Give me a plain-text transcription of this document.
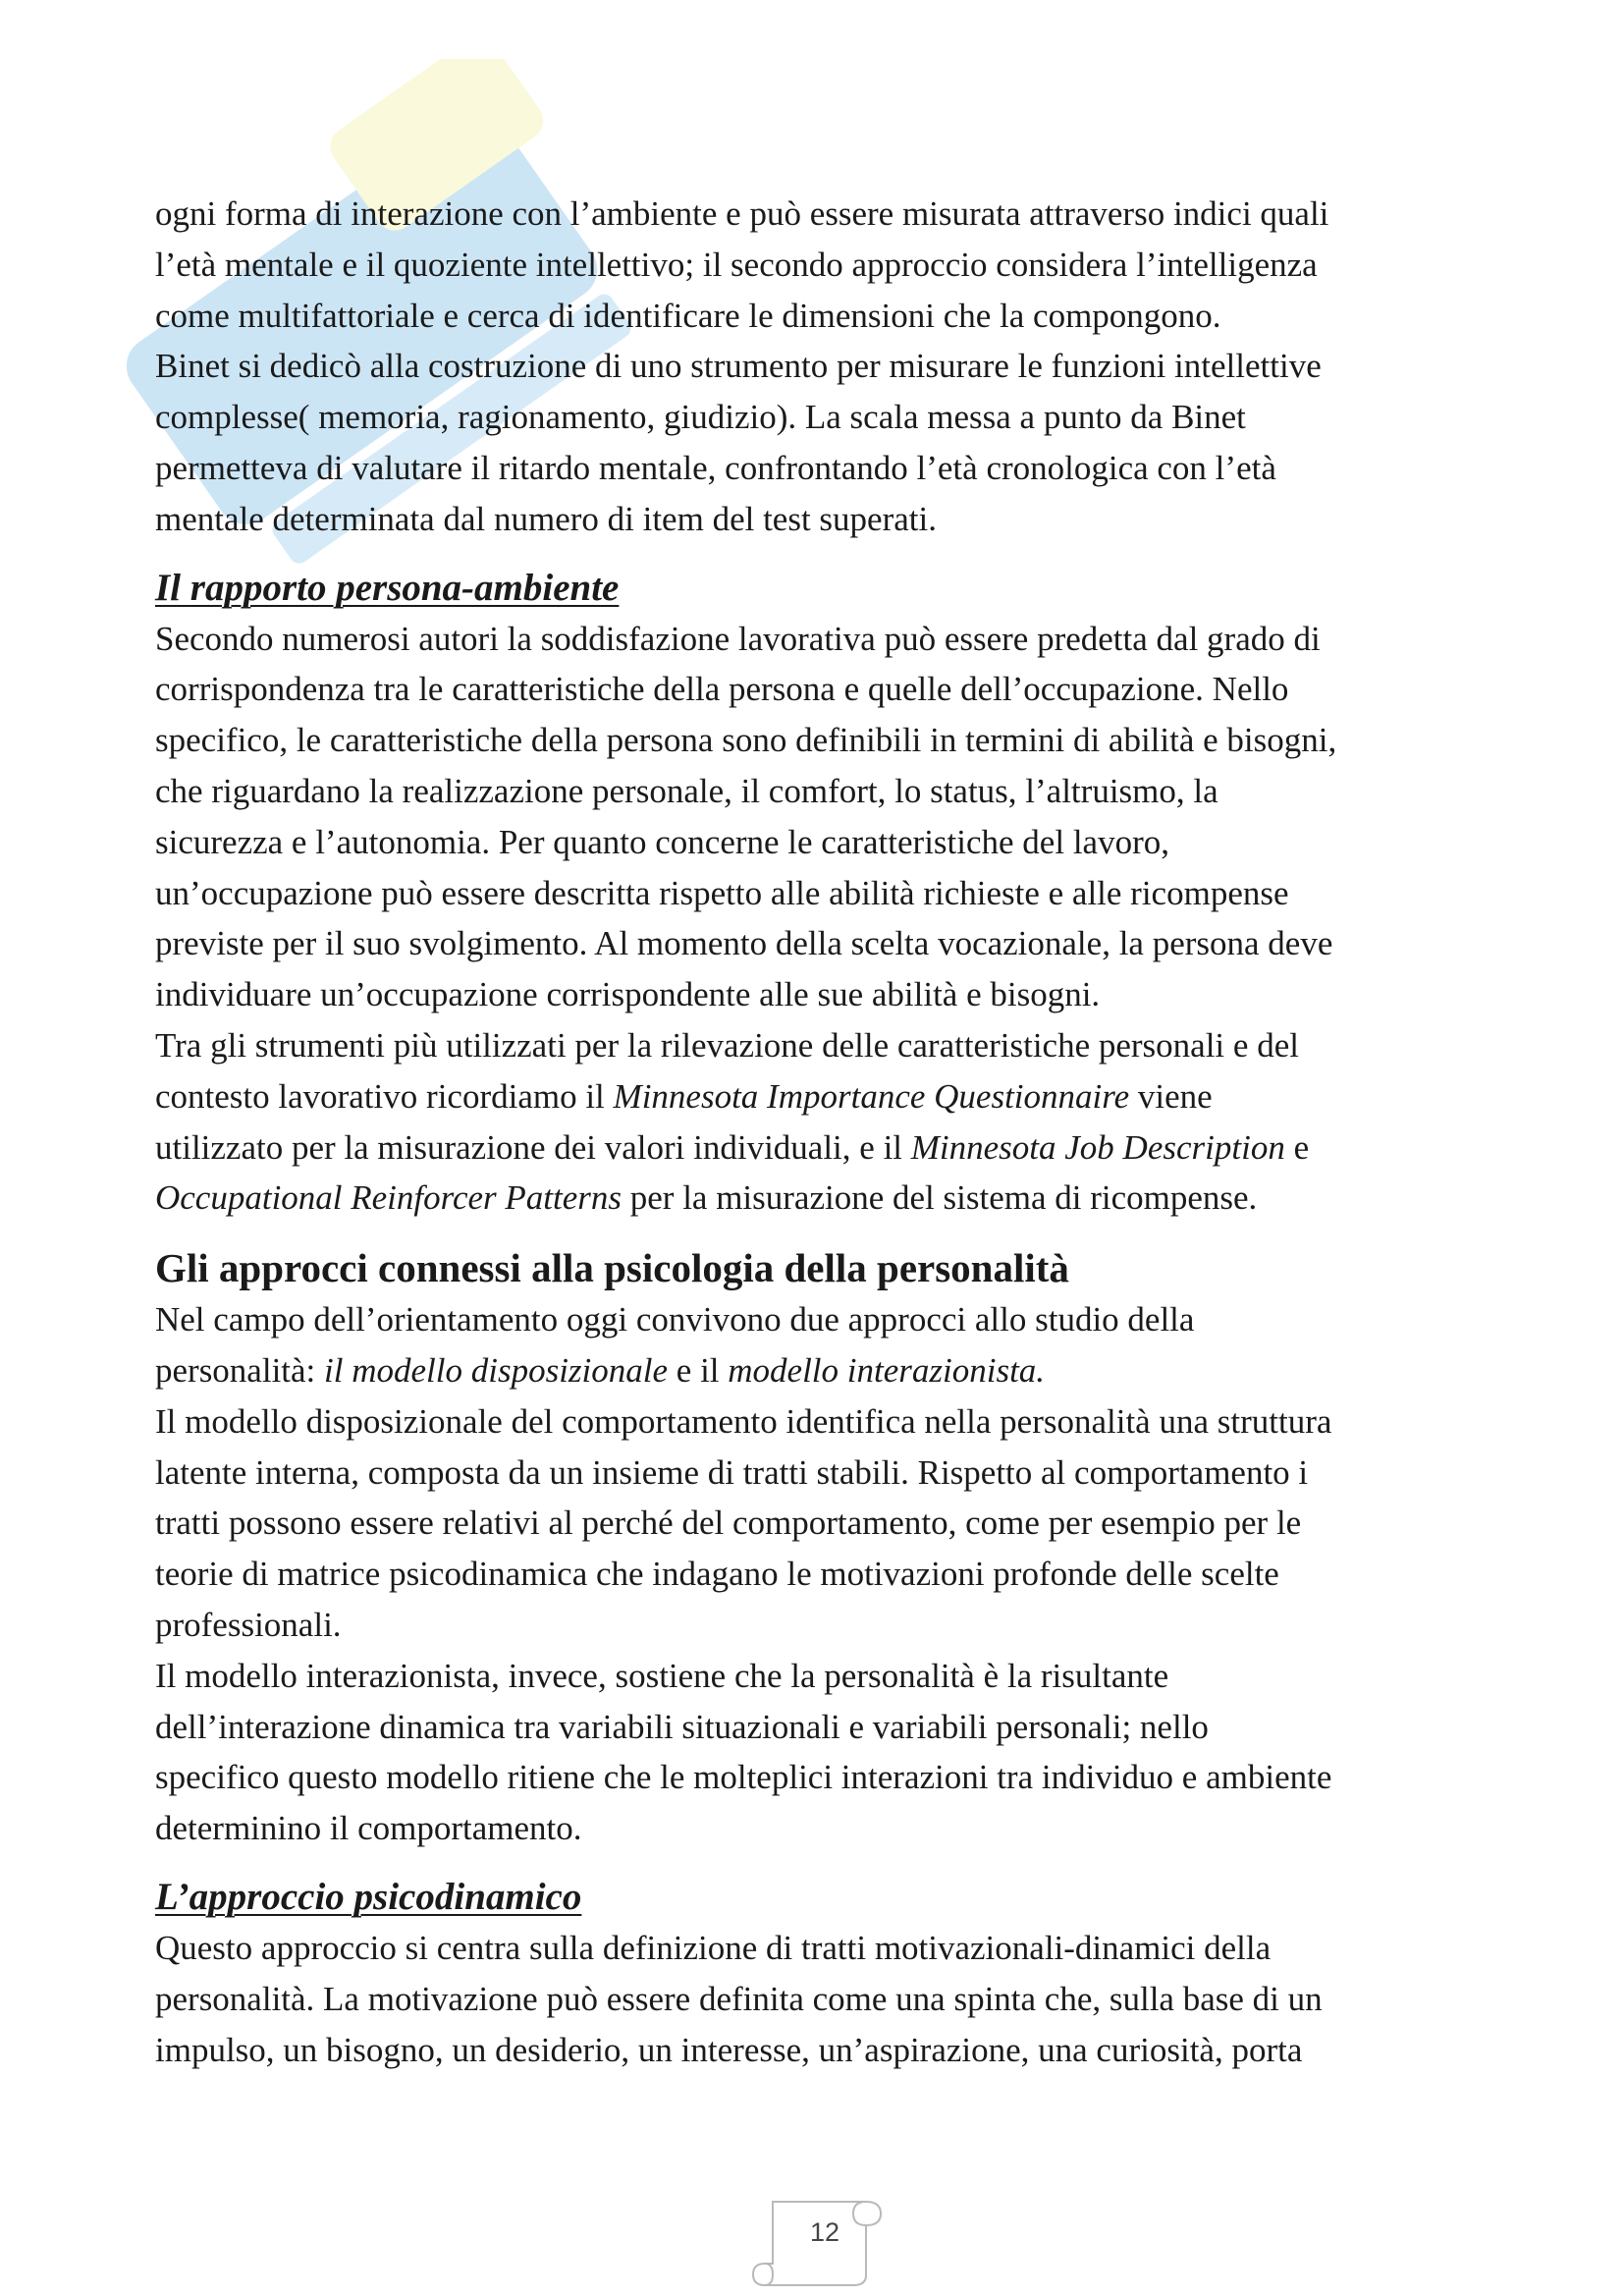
ogni forma di interazione con l’ambiente e può essere misurata attraverso indici quali

l’età mentale e il quoziente intellettivo; il secondo approccio considera l’intelligenza

come multifattoriale e cerca di identificare le dimensioni che la compongono.

Binet si dedicò alla costruzione di uno strumento per misurare le funzioni intellettive

complesse( memoria, ragionamento, giudizio). La scala messa a punto da Binet

permetteva di valutare il ritardo mentale, confrontando l’età cronologica con l’età

mentale determinata dal numero di item del test superati.

Il rapporto persona-ambiente

Secondo numerosi autori la soddisfazione lavorativa può essere predetta dal grado di

corrispondenza tra le caratteristiche della persona e quelle dell’occupazione. Nello

specifico, le caratteristiche della persona sono definibili in termini di abilità e bisogni,

che riguardano la realizzazione personale, il comfort, lo status, l’altruismo, la

sicurezza e l’autonomia. Per quanto concerne le caratteristiche del lavoro,

un’occupazione può essere descritta rispetto alle abilità richieste e alle ricompense

previste per il suo svolgimento. Al momento della scelta vocazionale, la persona deve

individuare un’occupazione corrispondente alle sue abilità e bisogni.

Tra gli strumenti più utilizzati per la rilevazione delle caratteristiche personali e del

contesto lavorativo ricordiamo il Minnesota Importance Questionnaire viene

utilizzato per la misurazione dei valori individuali, e il Minnesota Job Description e

Occupational Reinforcer Patterns per la misurazione del sistema di ricompense.

Gli approcci connessi alla psicologia della personalità

Nel campo dell’orientamento oggi convivono due approcci allo studio della

personalità: il modello disposizionale e il modello interazionista.

Il modello disposizionale del comportamento identifica nella personalità una struttura

latente interna, composta da un insieme di tratti stabili. Rispetto al comportamento i

tratti possono essere relativi al perché del comportamento, come per esempio per le

teorie di matrice psicodinamica che indagano le motivazioni profonde delle scelte

professionali.

Il modello interazionista, invece, sostiene che la personalità è la risultante

dell’interazione dinamica tra variabili situazionali e variabili personali; nello

specifico questo modello ritiene che le molteplici interazioni tra individuo e ambiente

determinino il comportamento.

L’approccio psicodinamico

Questo approccio si centra sulla definizione di tratti motivazionali-dinamici della

personalità. La motivazione può essere definita come una spinta che, sulla base di un

impulso, un bisogno, un desiderio, un interesse, un’aspirazione, una curiosità, porta

12
